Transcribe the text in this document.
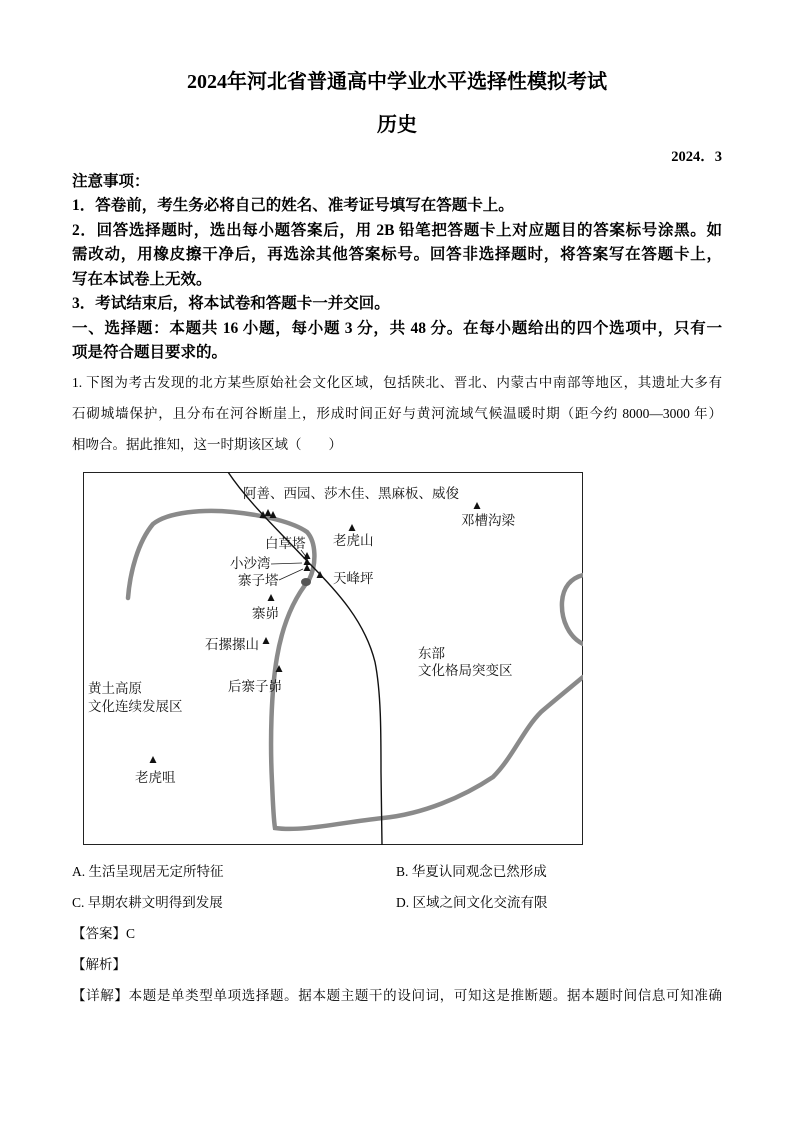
2024年河北省普通高中学业水平选择性模拟考试
历史
2024．3
注意事项：
1．答卷前，考生务必将自己的姓名、准考证号填写在答题卡上。
2．回答选择题时，选出每小题答案后，用 2B 铅笔把答题卡上对应题目的答案标号涂黑。如
需改动，用橡皮擦干净后，再选涂其他答案标号。回答非选择题时，将答案写在答题卡上，
写在本试卷上无效。
3．考试结束后，将本试卷和答题卡一并交回。
一、选择题：本题共 16 小题，每小题 3 分，共 48 分。在每小题给出的四个选项中，只有一
项是符合题目要求的。
1. 下图为考古发现的北方某些原始社会文化区域，包括陕北、晋北、内蒙古中南部等地区，其遗址大多有
石砌城墙保护，且分布在河谷断崖上，形成时间正好与黄河流域气候温暖时期（距今约 8000—3000 年）
相吻合。据此推知，这一时期该区域（　　）
阿善、西园、莎木佳、黑麻板、威俊
邓槽沟梁
老虎山
白草塔
小沙湾
寨子塔	天峰坪
寨峁
石摞摞山
后寨子峁
老虎咀
东部
文化格局突变区
黄土高原
文化连续发展区
A. 生活呈现居无定所特征	B. 华夏认同观念已然形成
C. 早期农耕文明得到发展	D. 区域之间文化交流有限
【答案】C
【解析】
【详解】本题是单类型单项选择题。据本题主题干的设问词，可知这是推断题。据本题时间信息可知准确
